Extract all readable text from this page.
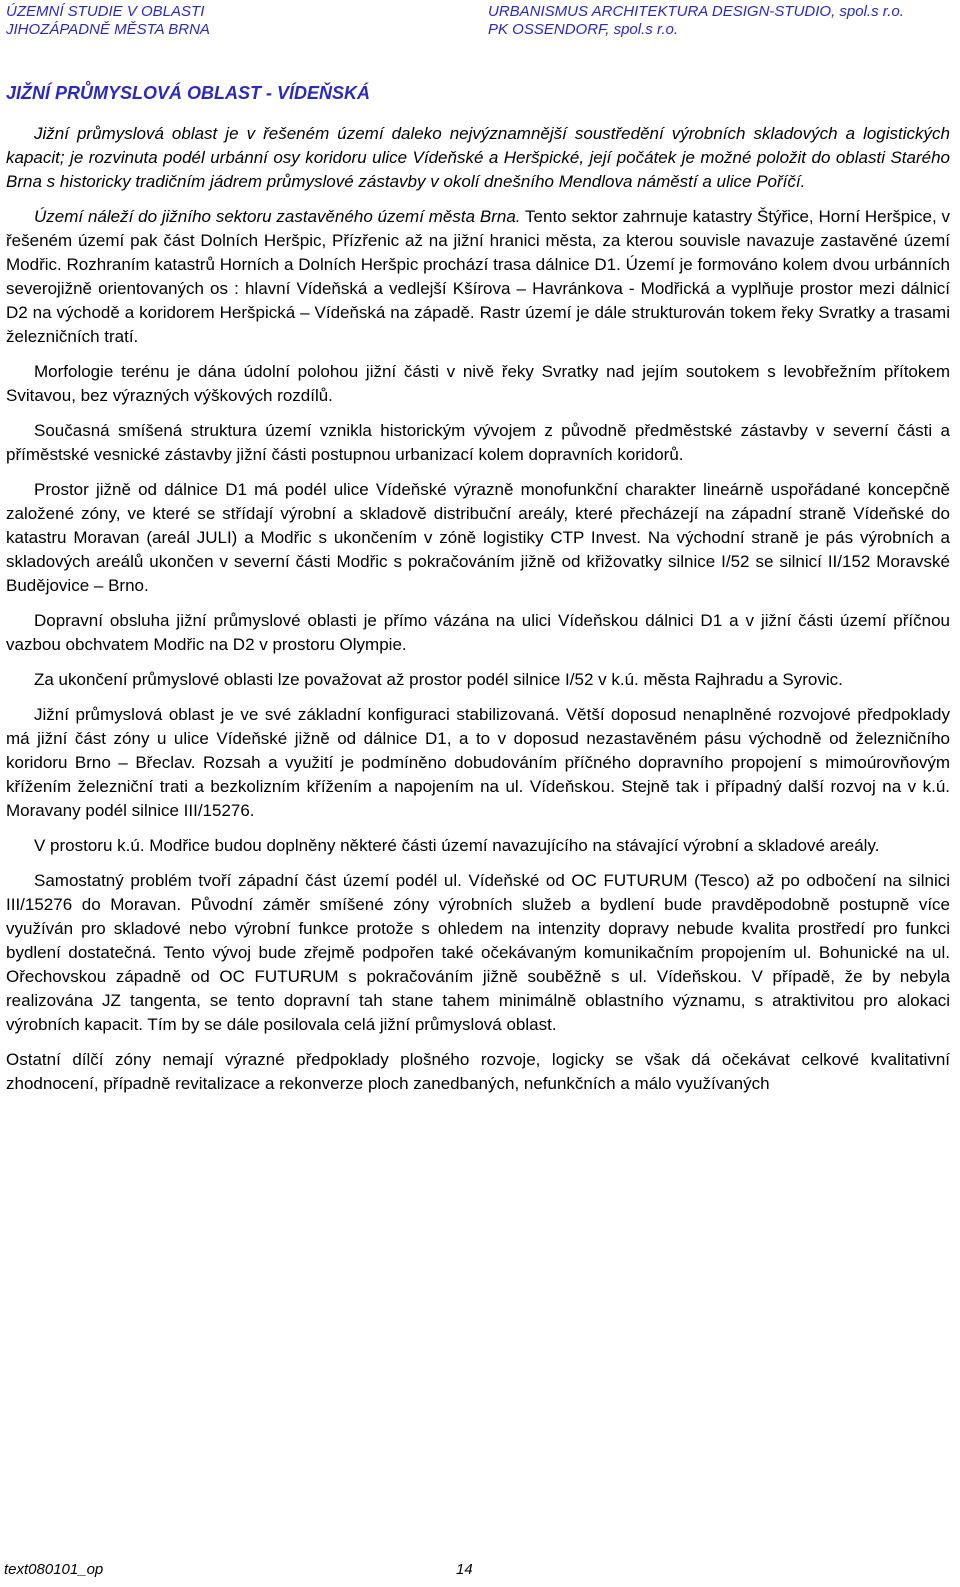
ÚZEMNÍ STUDIE V OBLASTI
JIHOZÁPADNĚ MĚSTA BRNA
URBANISMUS ARCHITEKTURA DESIGN-STUDIO, spol.s r.o.
PK OSSENDORF, spol.s r.o.
JIŽNÍ PRŮMYSLOVÁ OBLAST - VÍDEŇSKÁ

Jižní průmyslová oblast je v řešeném území daleko nejvýznamnější soustředění výrobních skladových a logistických kapacit; je rozvinuta podél urbánní osy koridoru ulice Vídeňské a Heršpické, její počátek je možné položit do oblasti Starého Brna s historicky tradičním jádrem průmyslové zástavby v okolí dnešního Mendlova náměstí a ulice Poříčí.

Území náleží do jižního sektoru zastavěného území města Brna. Tento sektor zahrnuje katastry Štýřice, Horní Heršpice, v řešeném území pak část Dolních Heršpic, Přízřenic až na jižní hranici města, za kterou souvisle navazuje zastavěné území Modřic. Rozhraním katastrů Horních a Dolních Heršpic prochází trasa dálnice D1. Území je formováno kolem dvou urbánních severojižně orientovaných os : hlavní Vídeňská a vedlejší Kšírova – Havránkova - Modřická a vyplňuje prostor mezi dálnicí D2 na východě a koridorem Heršpická – Vídeňská na západě. Rastr území je dále strukturován tokem řeky Svratky a trasami železničních tratí.

Morfologie terénu je dána údolní polohou jižní části v nivě řeky Svratky nad jejím soutokem s levobřežním přítokem Svitavou, bez výrazných výškových rozdílů.

Současná smíšená struktura území vznikla historickým vývojem z původně předměstské zástavby v severní části a příměstské vesnické zástavby jižní části postupnou urbanizací kolem dopravních koridorů.

Prostor jižně od dálnice D1 má podél ulice Vídeňské výrazně monofunkční charakter lineárně uspořádané koncepčně založené zóny, ve které se střídají výrobní a skladově distribuční areály, které přecházejí na západní straně Vídeňské do katastru Moravan (areál JULI) a Modřic s ukončením v zóně logistiky CTP Invest. Na východní straně je pás výrobních a skladových areálů ukončen v severní části Modřic s pokračováním jižně od křižovatky silnice I/52 se silnicí II/152 Moravské Budějovice – Brno.

Dopravní obsluha jižní průmyslové oblasti je přímo vázána na ulici Vídeňskou dálnici D1 a v jižní části území příčnou vazbou obchvatem Modřic na D2 v prostoru Olympie.

Za ukončení průmyslové oblasti lze považovat až prostor podél silnice I/52 v k.ú. města Rajhradu a Syrovic.

Jižní průmyslová oblast je ve své základní konfiguraci stabilizovaná. Větší doposud nenaplněné rozvojové předpoklady má jižní část zóny u ulice Vídeňské jižně od dálnice D1, a to v doposud nezastavěném pásu východně od železničního koridoru Brno – Břeclav. Rozsah a využití je podmíněno dobudováním příčného dopravního propojení s mimoúrovňovým křížením železniční trati a bezkolizním křížením a napojením na ul. Vídeňskou. Stejně tak i případný další rozvoj na v k.ú. Moravany podél silnice III/15276.

V prostoru k.ú. Modřice budou doplněny některé části území navazujícího na stávající výrobní a skladové areály.

Samostatný problém tvoří západní část území podél ul. Vídeňské od OC FUTURUM (Tesco) až po odbočení na silnici III/15276 do Moravan. Původní záměr smíšené zóny výrobních služeb a bydlení bude pravděpodobně postupně více využíván pro skladové nebo výrobní funkce protože s ohledem na intenzity dopravy nebude kvalita prostředí pro funkci bydlení dostatečná. Tento vývoj bude zřejmě podpořen také očekávaným komunikačním propojením ul. Bohunické na ul. Ořechovskou západně od OC FUTURUM s pokračováním jižně souběžně s ul. Vídeňskou. V případě, že by nebyla realizována JZ tangenta, se tento dopravní tah stane tahem minimálně oblastního významu, s atraktivitou pro alokaci výrobních kapacit. Tím by se dále posilovala celá jižní průmyslová oblast.

Ostatní dílčí zóny nemají výrazné předpoklady plošného rozvoje, logicky se však dá očekávat celkové kvalitativní zhodnocení, případně revitalizace a rekonverze ploch zanedbaných, nefunkčních a málo využívaných

text080101_op	14
